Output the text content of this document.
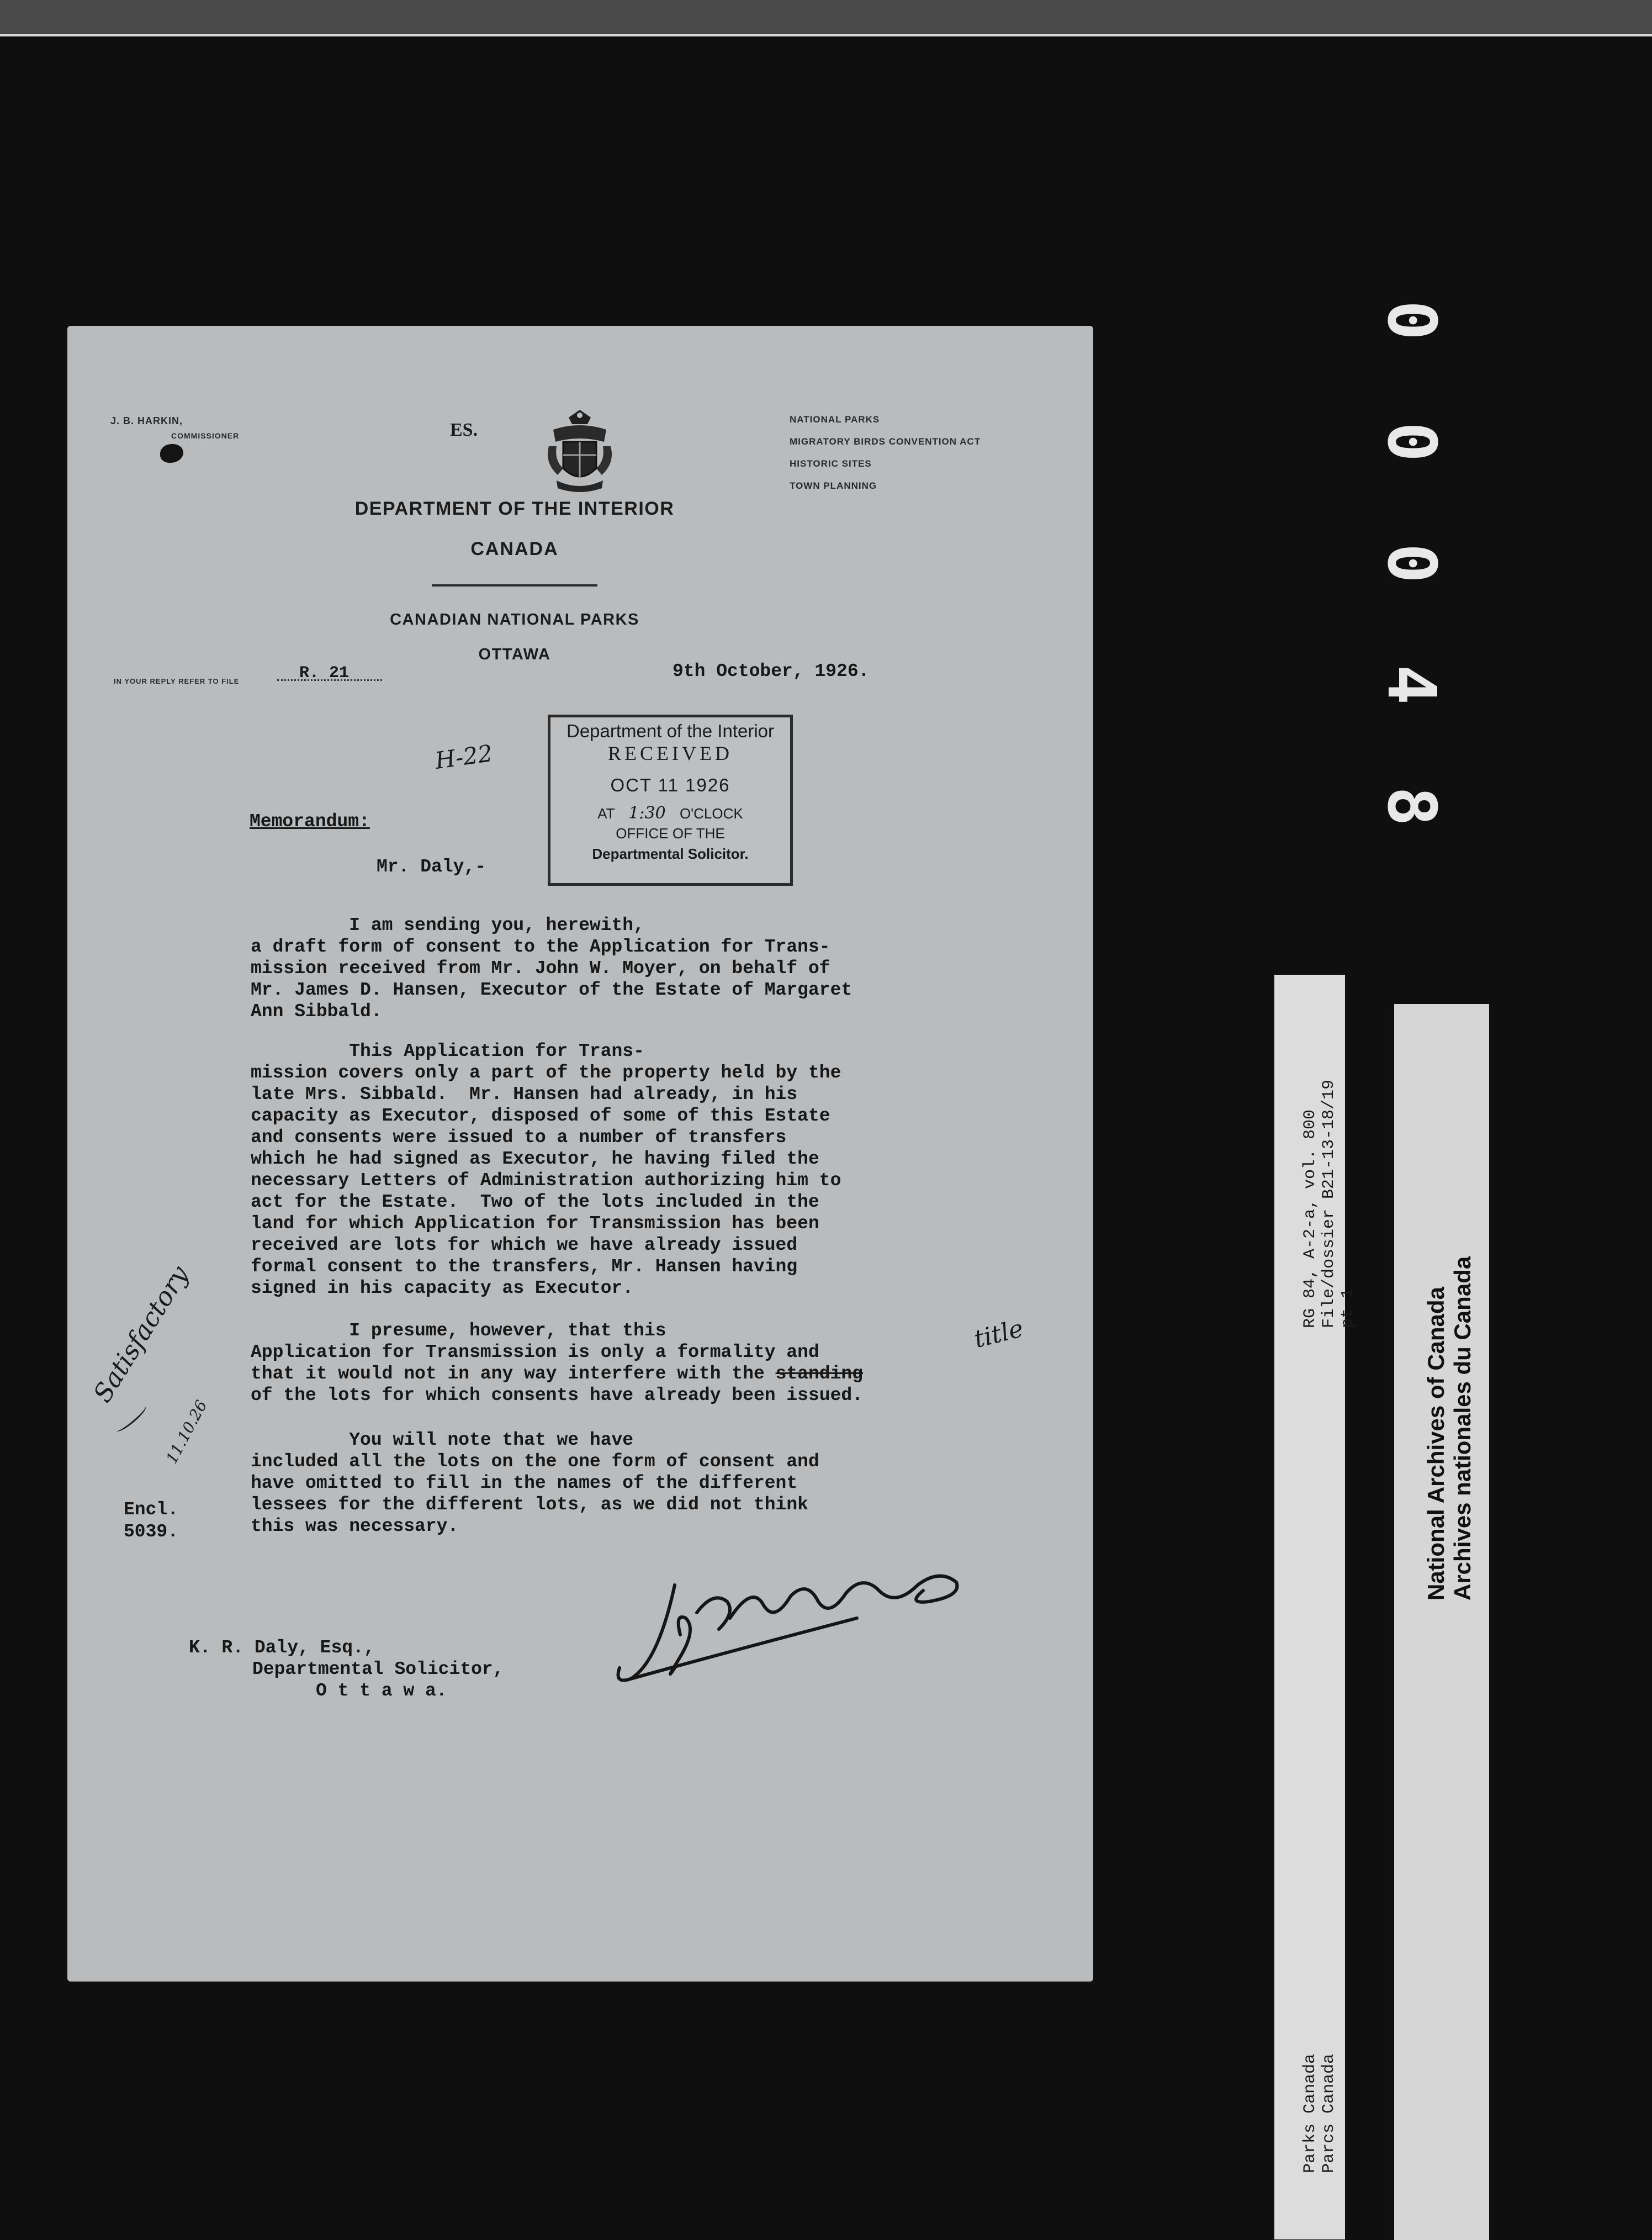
0
0
0
4
8
J. B. HARKIN,
COMMISSIONER	ES.
NATIONAL PARKS
MIGRATORY BIRDS CONVENTION ACT
HISTORIC SITES
TOWN PLANNING
DEPARTMENT OF THE INTERIOR
CANADA
CANADIAN NATIONAL PARKS
OTTAWA
IN YOUR REPLY REFER TO FILE	R. 21	9th October, 1926.
H-22
Department of the Interior
RECEIVED
OCT 11 1926
AT 1:30 O'CLOCK
OFFICE OF THE
Departmental Solicitor.
Memorandum:
Mr. Daly,-
I am sending you, herewith,
a draft form of consent to the Application for Trans-
mission received from Mr. John W. Moyer, on behalf of
Mr. James D. Hansen, Executor of the Estate of Margaret
Ann Sibbald.
This Application for Trans-
mission covers only a part of the property held by the
late Mrs. Sibbald.  Mr. Hansen had already, in his
capacity as Executor, disposed of some of this Estate
and consents were issued to a number of transfers
which he had signed as Executor, he having filed the
necessary Letters of Administration authorizing him to
act for the Estate.  Two of the lots included in the
land for which Application for Transmission has been
received are lots for which we have already issued
formal consent to the transfers, Mr. Hansen having
signed in his capacity as Executor.
I presume, however, that this
Application for Transmission is only a formality and
that it would not in any way interfere with the standing
of the lots for which consents have already been issued.
title
You will note that we have
included all the lots on the one form of consent and
have omitted to fill in the names of the different
lessees for the different lots, as we did not think
this was necessary.
Satisfactory
11.10.26
Encl.
5039.
K. R. Daly, Esq.,
Departmental Solicitor,
O t t a w a.
RG 84, A-2-a, vol. 800 File/dossier B21-13-18/19 pt 1
Parks Canada Parcs Canada
National Archives of Canada Archives nationales du Canada
